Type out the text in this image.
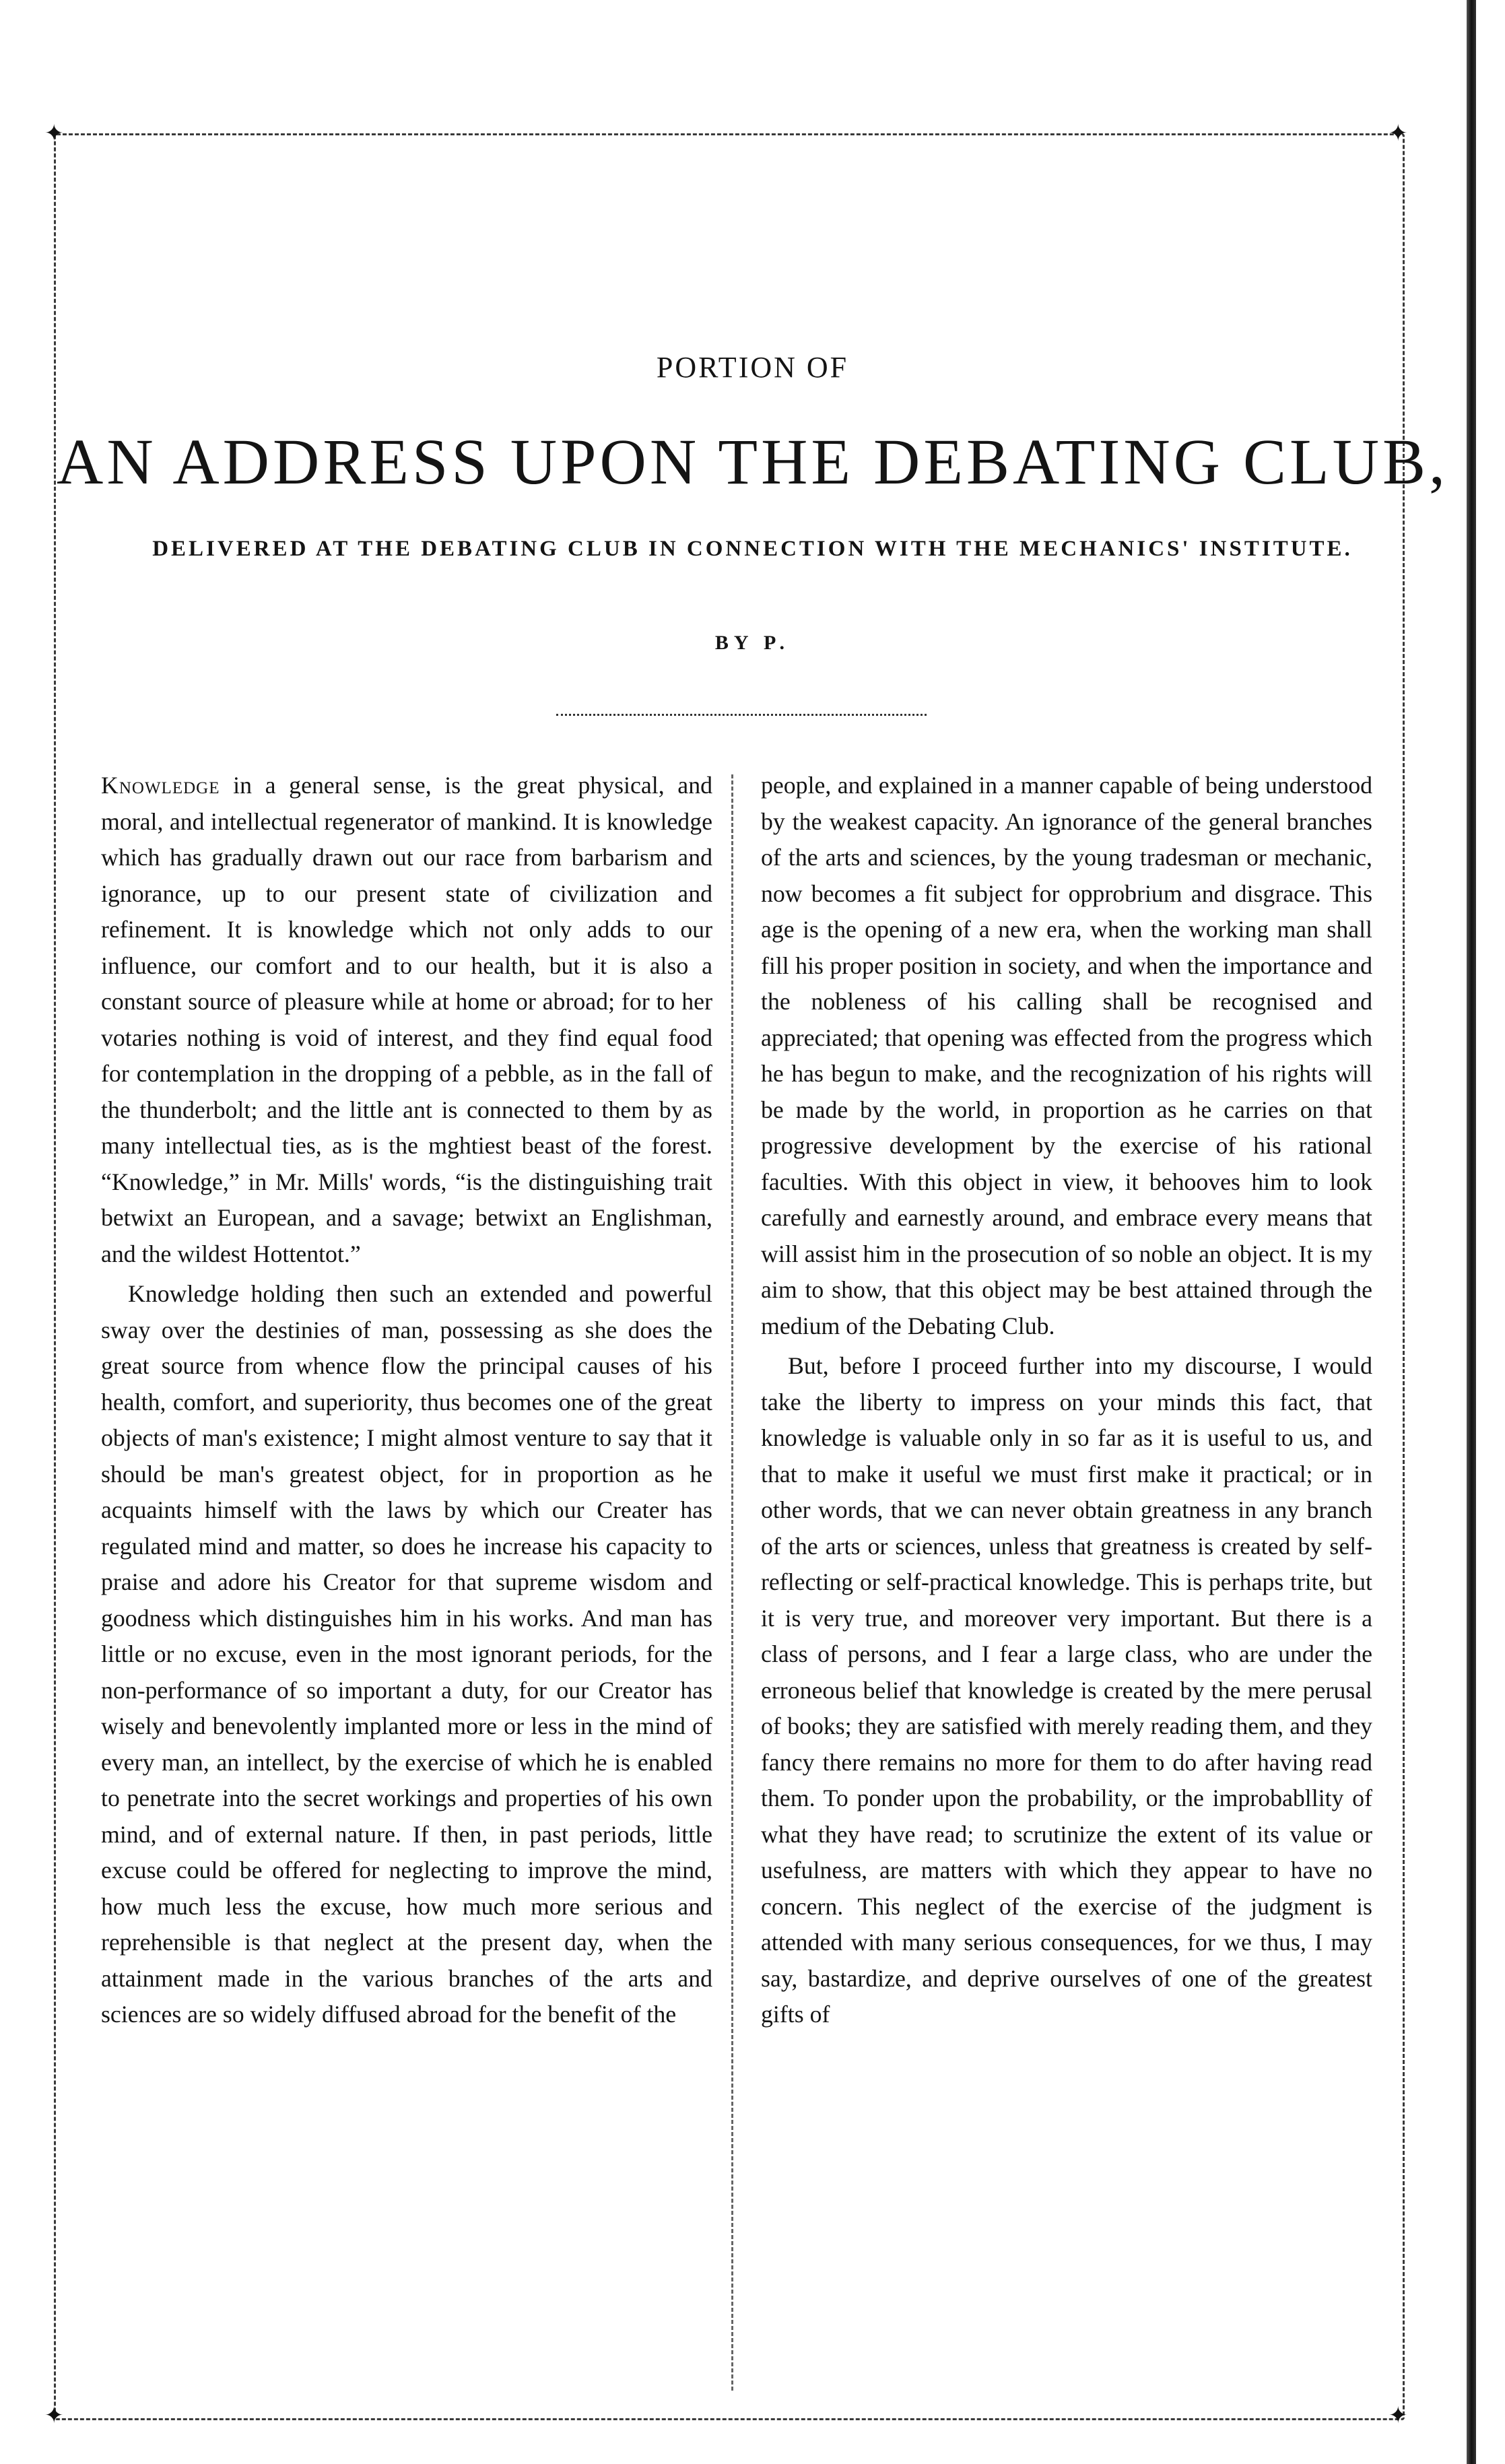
✦	✦
✦	✦
PORTION OF
AN ADDRESS UPON THE DEBATING CLUB,
DELIVERED AT THE DEBATING CLUB IN CONNECTION WITH THE MECHANICS' INSTITUTE.
BY P.

Knowledge in a general sense, is the great physical, and moral, and intellectual regenerator of mankind. It is knowledge which has gradually drawn out our race from barbarism and ignorance, up to our present state of civilization and refinement. It is knowledge which not only adds to our influence, our comfort and to our health, but it is also a constant source of pleasure while at home or abroad; for to her votaries nothing is void of interest, and they find equal food for contemplation in the dropping of a pebble, as in the fall of the thunderbolt; and the little ant is connected to them by as many intellectual ties, as is the mghtiest beast of the forest. “Knowledge,” in Mr. Mills' words, “is the distinguishing trait betwixt an European, and a savage; betwixt an Englishman, and the wildest Hottentot.”

Knowledge holding then such an extended and powerful sway over the destinies of man, possessing as she does the great source from whence flow the principal causes of his health, comfort, and superiority, thus becomes one of the great objects of man's existence; I might almost venture to say that it should be man's greatest object, for in proportion as he acquaints himself with the laws by which our Creater has regulated mind and matter, so does he increase his capacity to praise and adore his Creator for that supreme wisdom and goodness which distinguishes him in his works. And man has little or no excuse, even in the most ignorant periods, for the non-performance of so important a duty, for our Creator has wisely and benevolently implanted more or less in the mind of every man, an intellect, by the exercise of which he is enabled to penetrate into the secret workings and properties of his own mind, and of external nature. If then, in past periods, little excuse could be offered for neglecting to improve the mind, how much less the excuse, how much more serious and reprehensible is that neglect at the present day, when the attainment made in the various branches of the arts and sciences are so widely diffused abroad for the benefit of the

people, and explained in a manner capable of being understood by the weakest capacity. An ignorance of the general branches of the arts and sciences, by the young tradesman or mechanic, now becomes a fit subject for opprobrium and disgrace. This age is the opening of a new era, when the working man shall fill his proper position in society, and when the importance and the nobleness of his calling shall be recognised and appreciated; that opening was effected from the progress which he has begun to make, and the recognization of his rights will be made by the world, in proportion as he carries on that progressive development by the exercise of his rational faculties. With this object in view, it behooves him to look carefully and earnestly around, and embrace every means that will assist him in the prosecution of so noble an object. It is my aim to show, that this object may be best attained through the medium of the Debating Club.

But, before I proceed further into my discourse, I would take the liberty to impress on your minds this fact, that knowledge is valuable only in so far as it is useful to us, and that to make it useful we must first make it practical; or in other words, that we can never obtain greatness in any branch of the arts or sciences, unless that greatness is created by self-reflecting or self-practical knowledge. This is perhaps trite, but it is very true, and moreover very important. But there is a class of persons, and I fear a large class, who are under the erroneous belief that knowledge is created by the mere perusal of books; they are satisfied with merely reading them, and they fancy there remains no more for them to do after having read them. To ponder upon the probability, or the improbabllity of what they have read; to scrutinize the extent of its value or usefulness, are matters with which they appear to have no concern. This neglect of the exercise of the judgment is attended with many serious consequences, for we thus, I may say, bastardize, and deprive ourselves of one of the greatest gifts of
